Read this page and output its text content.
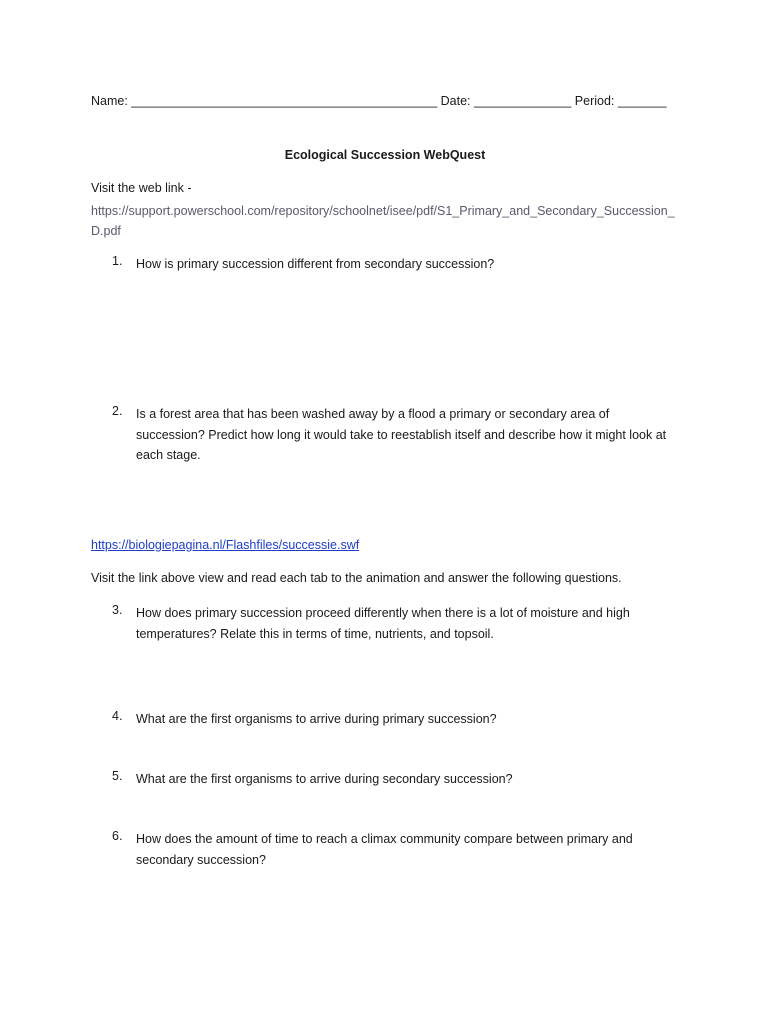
Name: ____________________________________________ Date: ______________ Period: _______
Ecological Succession WebQuest
Visit the web link -
https://support.powerschool.com/repository/schoolnet/isee/pdf/S1_Primary_and_Secondary_Succession_D.pdf
1. How is primary succession different from secondary succession?
2. Is a forest area that has been washed away by a flood a primary or secondary area of succession? Predict how long it would take to reestablish itself and describe how it might look at each stage.
https://biologiepagina.nl/Flashfiles/successie.swf
Visit the link above view and read each tab to the animation and answer the following questions.
3. How does primary succession proceed differently when there is a lot of moisture and high temperatures? Relate this in terms of time, nutrients, and topsoil.
4. What are the first organisms to arrive during primary succession?
5. What are the first organisms to arrive during secondary succession?
6. How does the amount of time to reach a climax community compare between primary and secondary succession?
